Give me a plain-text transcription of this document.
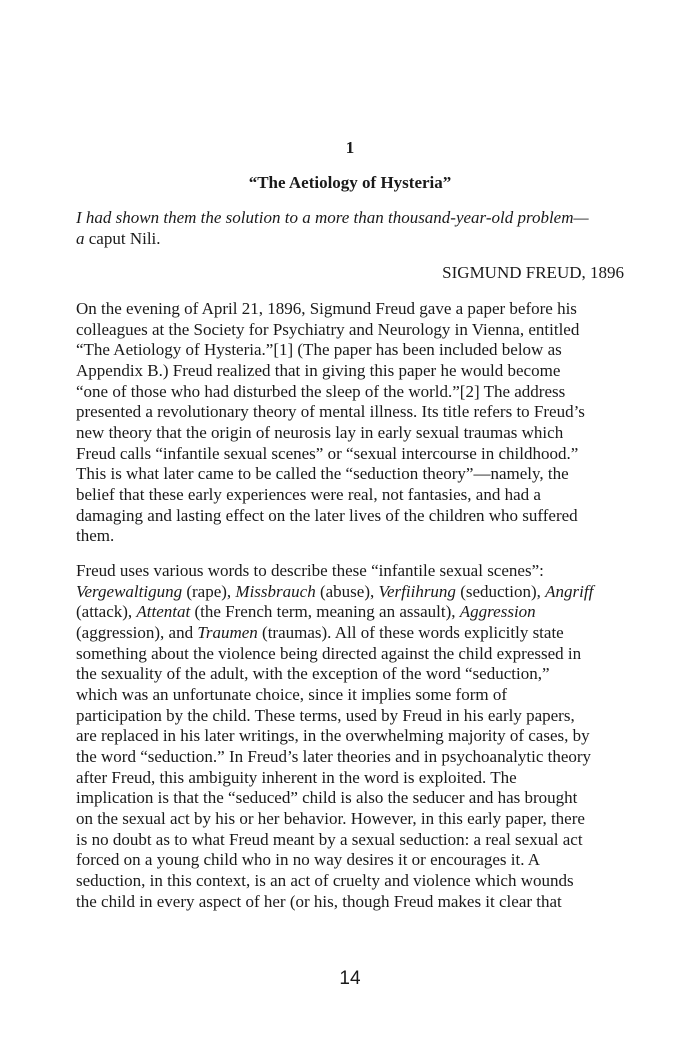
1
“The Aetiology of Hysteria”

I had shown them the solution to a more than thousand-year-old problem—
a caput Nili.

SIGMUND FREUD, 1896

On the evening of April 21, 1896, Sigmund Freud gave a paper before his
colleagues at the Society for Psychiatry and Neurology in Vienna, entitled
“The Aetiology of Hysteria.”[1] (The paper has been included below as
Appendix B.) Freud realized that in giving this paper he would become
“one of those who had disturbed the sleep of the world.”[2] The address
presented a revolutionary theory of mental illness. Its title refers to Freud’s
new theory that the origin of neurosis lay in early sexual traumas which
Freud calls “infantile sexual scenes” or “sexual intercourse in childhood.”
This is what later came to be called the “seduction theory”—namely, the
belief that these early experiences were real, not fantasies, and had a
damaging and lasting effect on the later lives of the children who suffered
them.

Freud uses various words to describe these “infantile sexual scenes”:
Vergewaltigung (rape), Missbrauch (abuse), Verfiihrung (seduction), Angriff
(attack), Attentat (the French term, meaning an assault), Aggression
(aggression), and Traumen (traumas). All of these words explicitly state
something about the violence being directed against the child expressed in
the sexuality of the adult, with the exception of the word “seduction,”
which was an unfortunate choice, since it implies some form of
participation by the child. These terms, used by Freud in his early papers,
are replaced in his later writings, in the overwhelming majority of cases, by
the word “seduction.” In Freud’s later theories and in psychoanalytic theory
after Freud, this ambiguity inherent in the word is exploited. The
implication is that the “seduced” child is also the seducer and has brought
on the sexual act by his or her behavior. However, in this early paper, there
is no doubt as to what Freud meant by a sexual seduction: a real sexual act
forced on a young child who in no way desires it or encourages it. A
seduction, in this context, is an act of cruelty and violence which wounds
the child in every aspect of her (or his, though Freud makes it clear that

14
